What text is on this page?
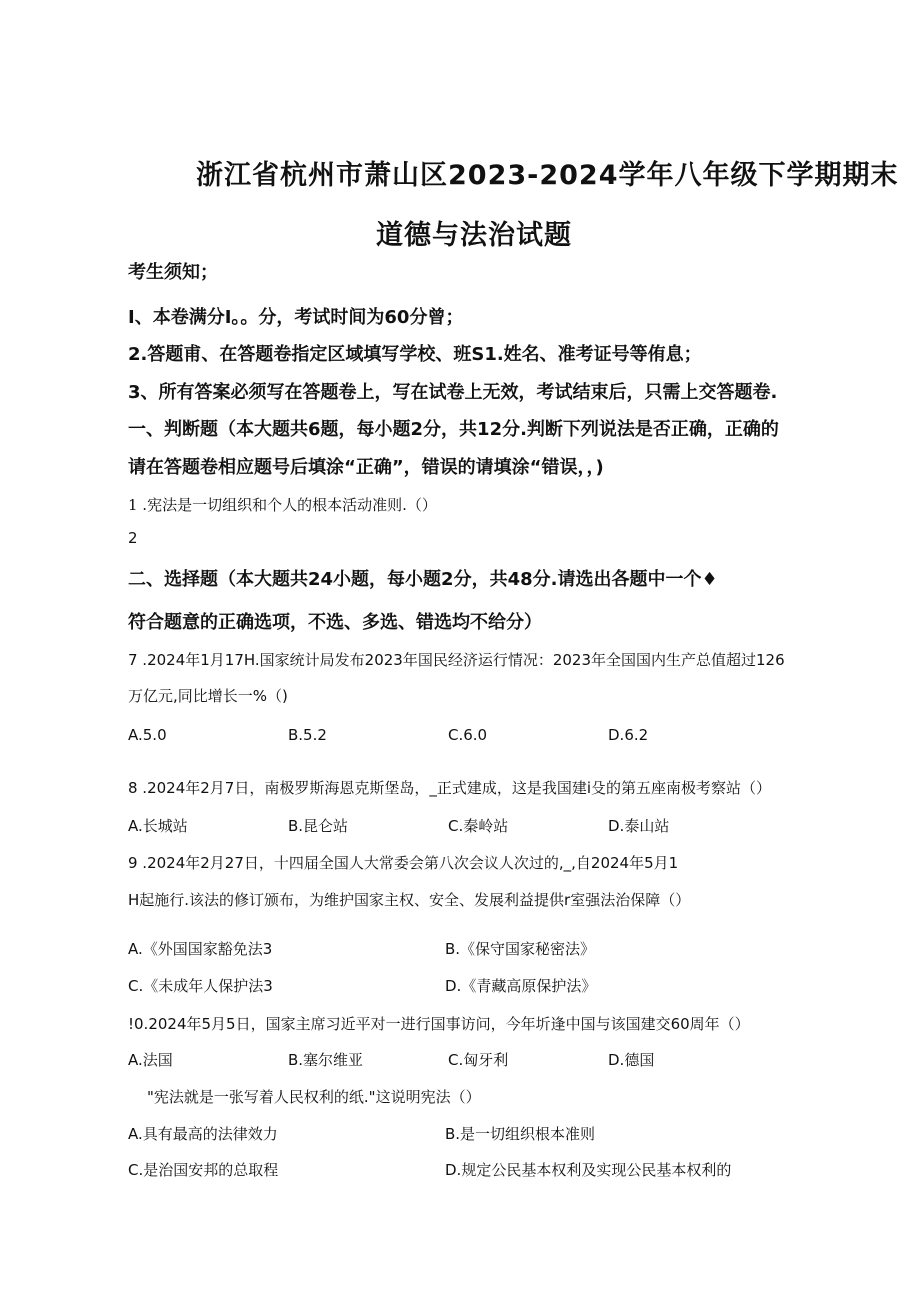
浙江省杭州市萧山区2023-2024学年八年级下学期期末
道德与法治试题
考生须知；
I、本卷满分I。。分，考试时间为60分曾；
2.答题甫、在答题卷指定区域填写学校、班S1.姓名、准考证号等侑息；
3、所有答案必须写在答题卷上，写在试卷上无效，考试结束后，只需上交答题卷.
一、判断题（本大题共6题，每小题2分，共12分.判断下列说法是否正确，正确的
请在答题卷相应题号后填涂“正确”，错误的请填涂“错误，，)
1 .宪法是一切组织和个人的根本活动准则.（）
2
二、选择题（本大题共24小题，每小题2分，共48分.请选出各题中一个♦
符合题意的正确选项，不选、多选、错选均不给分）
7 .2024年1月17H.国家统计局发布2023年国民经济运行情况：2023年全国国内生产总值超过126
万亿元,同比增长一%（)
A.5.0	B.5.2	C.6.0	D.6.2
8 .2024年2月7日，南极罗斯海恩克斯堡岛，_正式建成，这是我国建i殳的第五座南极考察站（）
A.长城站	B.昆仑站	C.秦岭站	D.泰山站
9 .2024年2月27日，十四届全国人大常委会第八次会议人次过的,_,自2024年5月1
H起施行.该法的修订颁布，为维护国家主权、安全、发展利益提供r室强法治保障（）
A.《外国国家豁免法3	B.《保守国家秘密法》
C.《未成年人保护法3	D.《青藏高原保护法》
!0.2024年5月5日，国家主席习近平对一进行国事访问，今年圻逢中国与该国建交60周年（）
A.法国	B.塞尔维亚	C.匈牙利	D.德国
"宪法就是一张写着人民权利的纸."这说明宪法（）
A.具有最高的法律效力	B.是一切组织根本准则
C.是治国安邦的总取程	D.规定公民基本权利及实现公民基本权利的
